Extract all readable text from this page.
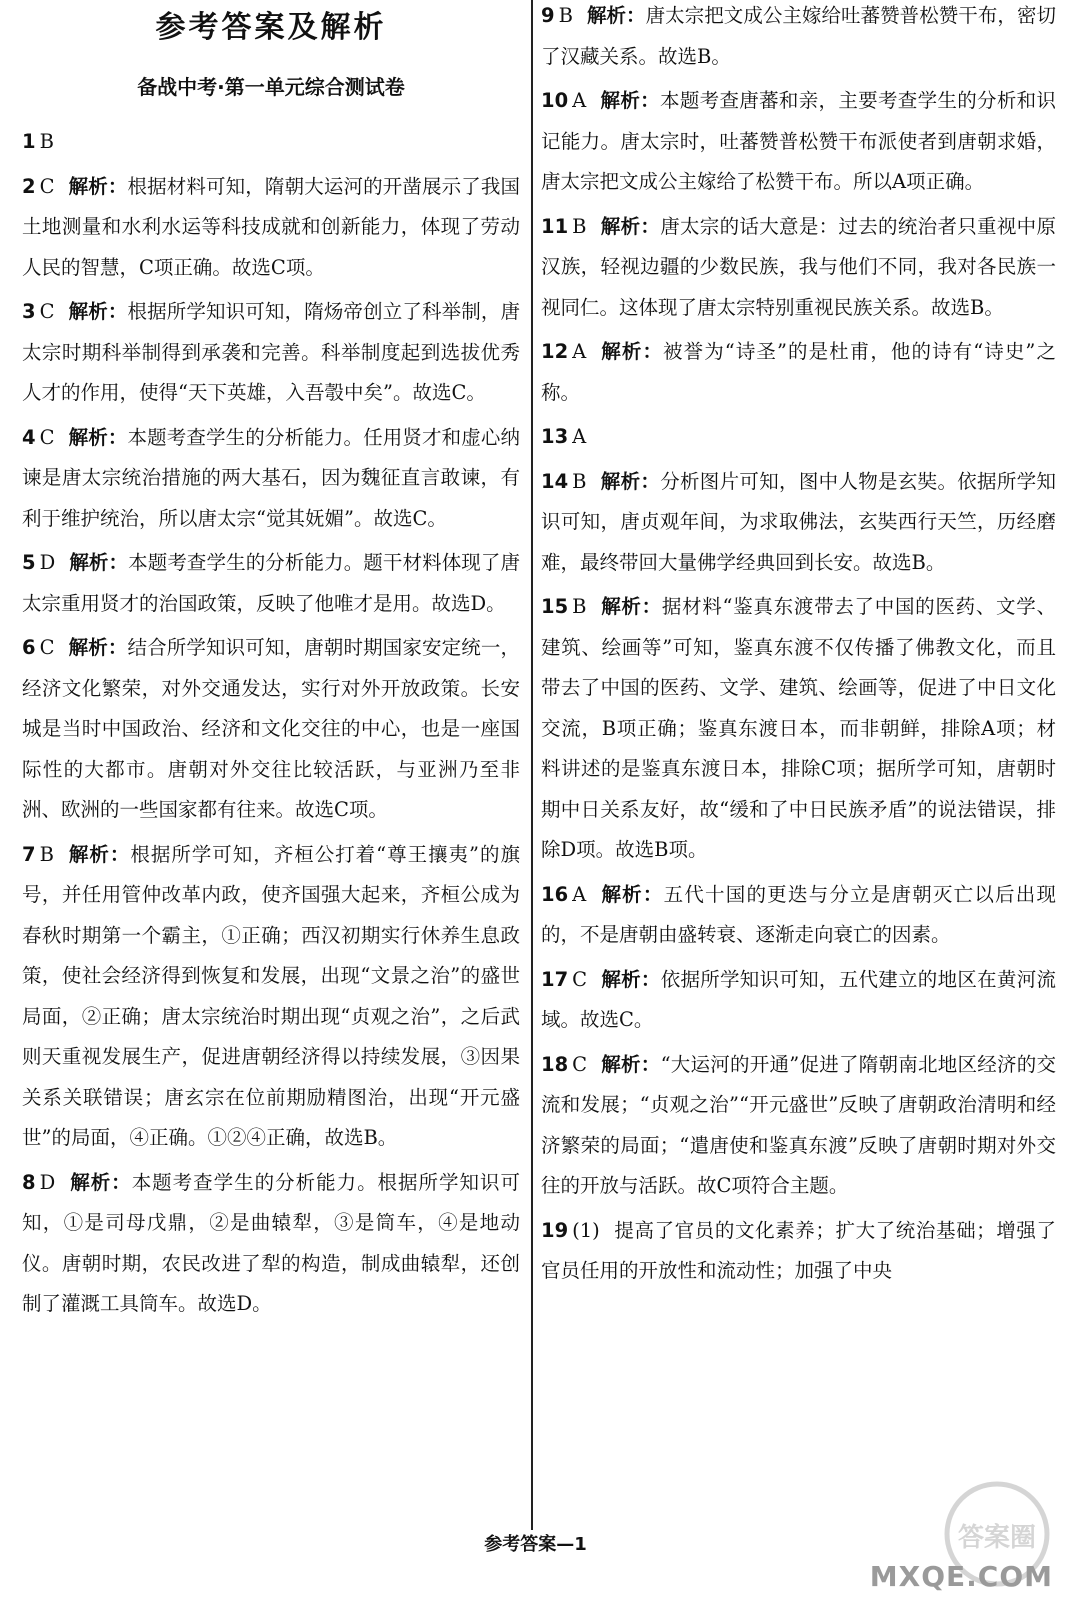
参考答案及解析
备战中考·第一单元综合测试卷
1 B
2 C 解析：根据材料可知，隋朝大运河的开凿展示了我国土地测量和水利水运等科技成就和创新能力，体现了劳动人民的智慧，C项正确。故选C项。
3 C 解析：根据所学知识可知，隋炀帝创立了科举制，唐太宗时期科举制得到承袭和完善。科举制度起到选拔优秀人才的作用，使得“天下英雄，入吾彀中矣”。故选C。
4 C 解析：本题考查学生的分析能力。任用贤才和虚心纳谏是唐太宗统治措施的两大基石，因为魏征直言敢谏，有利于维护统治，所以唐太宗“觉其妩媚”。故选C。
5 D 解析：本题考查学生的分析能力。题干材料体现了唐太宗重用贤才的治国政策，反映了他唯才是用。故选D。
6 C 解析：结合所学知识可知，唐朝时期国家安定统一，经济文化繁荣，对外交通发达，实行对外开放政策。长安城是当时中国政治、经济和文化交往的中心，也是一座国际性的大都市。唐朝对外交往比较活跃，与亚洲乃至非洲、欧洲的一些国家都有往来。故选C项。
7 B 解析：根据所学可知，齐桓公打着“尊王攘夷”的旗号，并任用管仲改革内政，使齐国强大起来，齐桓公成为春秋时期第一个霸主，①正确；西汉初期实行休养生息政策，使社会经济得到恢复和发展，出现“文景之治”的盛世局面，②正确；唐太宗统治时期出现“贞观之治”，之后武则天重视发展生产，促进唐朝经济得以持续发展，③因果关系关联错误；唐玄宗在位前期励精图治，出现“开元盛世”的局面，④正确。①②④正确，故选B。
8 D 解析：本题考查学生的分析能力。根据所学知识可知，①是司母戊鼎，②是曲辕犁，③是筒车，④是地动仪。唐朝时期，农民改进了犁的构造，制成曲辕犁，还创制了灌溉工具筒车。故选D。
9 B 解析：唐太宗把文成公主嫁给吐蕃赞普松赞干布，密切了汉藏关系。故选B。
10 A 解析：本题考查唐蕃和亲，主要考查学生的分析和识记能力。唐太宗时，吐蕃赞普松赞干布派使者到唐朝求婚，唐太宗把文成公主嫁给了松赞干布。所以A项正确。
11 B 解析：唐太宗的话大意是：过去的统治者只重视中原汉族，轻视边疆的少数民族，我与他们不同，我对各民族一视同仁。这体现了唐太宗特别重视民族关系。故选B。
12 A 解析：被誉为“诗圣”的是杜甫，他的诗有“诗史”之称。
13 A
14 B 解析：分析图片可知，图中人物是玄奘。依据所学知识可知，唐贞观年间，为求取佛法，玄奘西行天竺，历经磨难，最终带回大量佛学经典回到长安。故选B。
15 B 解析：据材料“鉴真东渡带去了中国的医药、文学、建筑、绘画等”可知，鉴真东渡不仅传播了佛教文化，而且带去了中国的医药、文学、建筑、绘画等，促进了中日文化交流，B项正确；鉴真东渡日本，而非朝鲜，排除A项；材料讲述的是鉴真东渡日本，排除C项；据所学可知，唐朝时期中日关系友好，故“缓和了中日民族矛盾”的说法错误，排除D项。故选B项。
16 A 解析：五代十国的更迭与分立是唐朝灭亡以后出现的，不是唐朝由盛转衰、逐渐走向衰亡的因素。
17 C 解析：依据所学知识可知，五代建立的地区在黄河流域。故选C。
18 C 解析：“大运河的开通”促进了隋朝南北地区经济的交流和发展；“贞观之治”“开元盛世”反映了唐朝政治清明和经济繁荣的局面；“遣唐使和鉴真东渡”反映了唐朝时期对外交往的开放与活跃。故C项符合主题。
19 (1) 提高了官员的文化素养；扩大了统治基础；增强了官员任用的开放性和流动性；加强了中央
参考答案—1	答案圈
MXQE.COM
